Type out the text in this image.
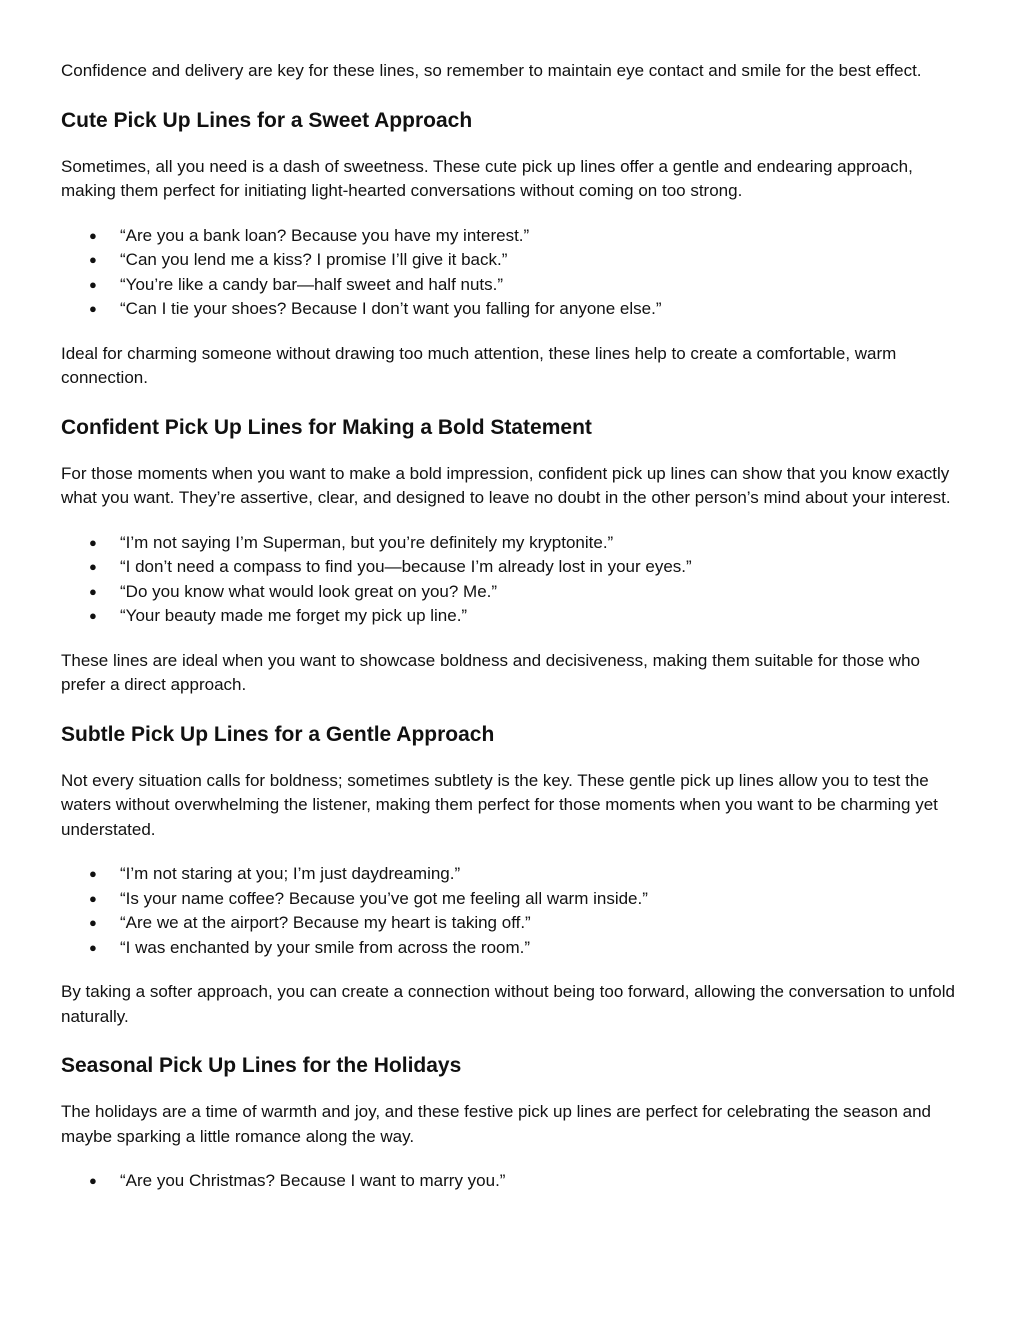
Confidence and delivery are key for these lines, so remember to maintain eye contact and smile for the best effect.

Cute Pick Up Lines for a Sweet Approach

Sometimes, all you need is a dash of sweetness. These cute pick up lines offer a gentle and endearing approach, making them perfect for initiating light-hearted conversations without coming on too strong.

● “Are you a bank loan? Because you have my interest.”
● “Can you lend me a kiss? I promise I’ll give it back.”
● “You’re like a candy bar—half sweet and half nuts.”
● “Can I tie your shoes? Because I don’t want you falling for anyone else.”

Ideal for charming someone without drawing too much attention, these lines help to create a comfortable, warm connection.

Confident Pick Up Lines for Making a Bold Statement

For those moments when you want to make a bold impression, confident pick up lines can show that you know exactly what you want. They’re assertive, clear, and designed to leave no doubt in the other person’s mind about your interest.

● “I’m not saying I’m Superman, but you’re definitely my kryptonite.”
● “I don’t need a compass to find you—because I’m already lost in your eyes.”
● “Do you know what would look great on you? Me.”
● “Your beauty made me forget my pick up line.”

These lines are ideal when you want to showcase boldness and decisiveness, making them suitable for those who prefer a direct approach.

Subtle Pick Up Lines for a Gentle Approach

Not every situation calls for boldness; sometimes subtlety is the key. These gentle pick up lines allow you to test the waters without overwhelming the listener, making them perfect for those moments when you want to be charming yet understated.

● “I’m not staring at you; I’m just daydreaming.”
● “Is your name coffee? Because you’ve got me feeling all warm inside.”
● “Are we at the airport? Because my heart is taking off.”
● “I was enchanted by your smile from across the room.”

By taking a softer approach, you can create a connection without being too forward, allowing the conversation to unfold naturally.

Seasonal Pick Up Lines for the Holidays

The holidays are a time of warmth and joy, and these festive pick up lines are perfect for celebrating the season and maybe sparking a little romance along the way.

● “Are you Christmas? Because I want to marry you.”
